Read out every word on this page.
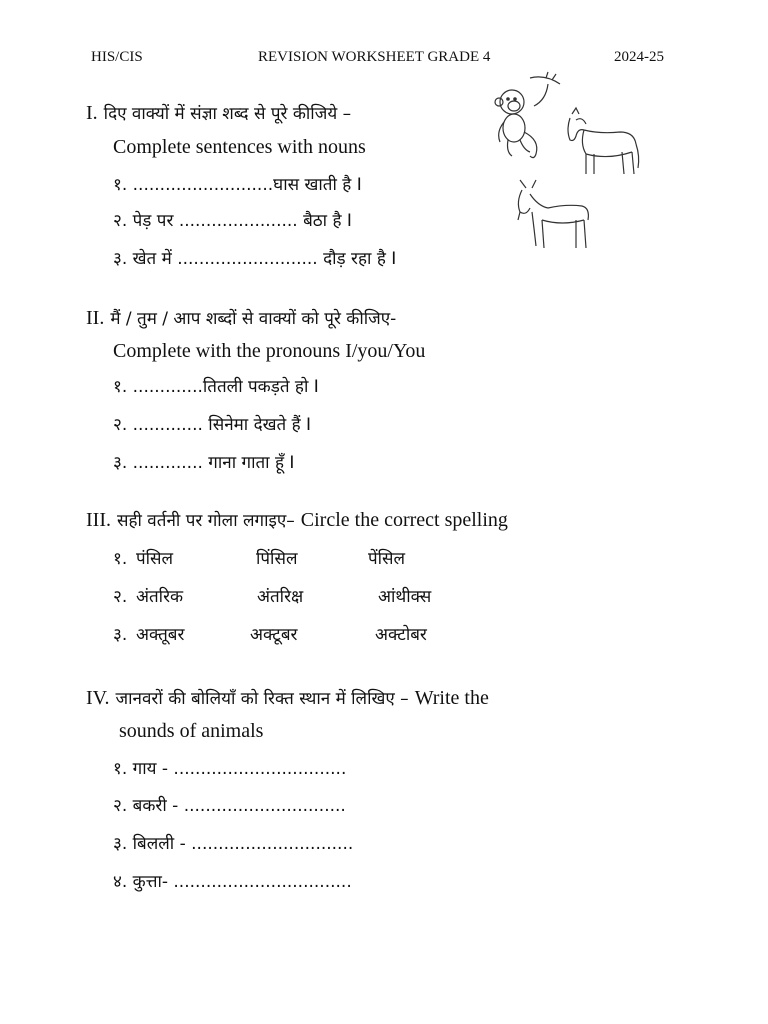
HIS/CIS	REVISION WORKSHEET GRADE 4	2024-25
I. दिए वाक्यों में संज्ञा शब्द से पूरे कीजिये –
Complete sentences with nouns
१. ..........................घास खाती है I
२. पेड़ पर ...................... बैठा है I
३. खेत में .......................... दौड़ रहा है I
II. मैं / तुम / आप शब्दों से वाक्यों को पूरे कीजिए-
Complete with the pronouns I/you/You
१. .............तितली पकड़ते हो I
२. ............. सिनेमा देखते हैं I
३. ............. गाना गाता हूँ I
III. सही वर्तनी पर गोला लगाइए– Circle the correct spelling
१. पंसिल	पिंसिल	पेंसिल
२. अंतरिक	अंतरिक्ष	आंथीक्स
३. अक्तूबर	अक्टूबर	अक्टोबर
IV. जानवरों की बोलियाँ को रिक्त स्थान में लिखिए – Write the
sounds of animals
१. गाय - ................................
२. बकरी - ..............................
३. बिलली - ..............................
४. कुत्ता- .................................
